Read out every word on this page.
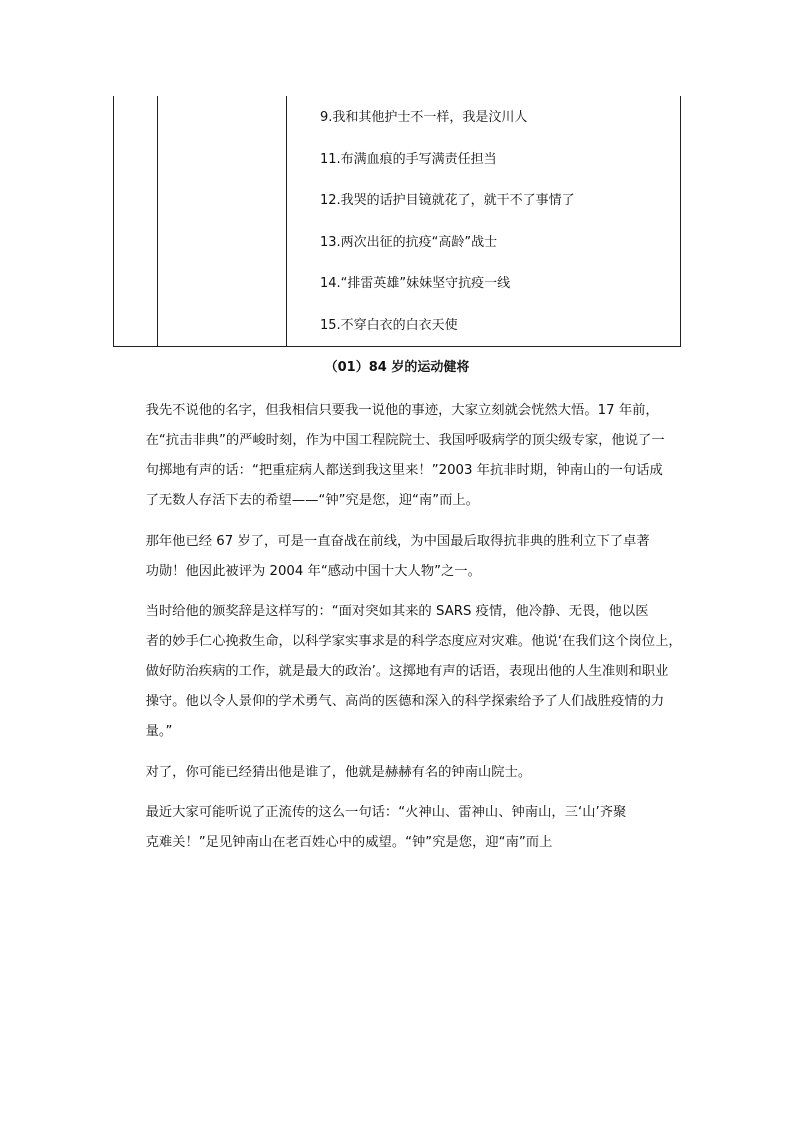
9.我和其他护士不一样，我是汶川人
11.布满血痕的手写满责任担当
12.我哭的话护目镜就花了，就干不了事情了
13.两次出征的抗疫“高龄”战士
14.“排雷英雄”妹妹坚守抗疫一线
15.不穿白衣的白衣天使
（01）84 岁的运动健将

我先不说他的名字，但我相信只要我一说他的事迹，大家立刻就会恍然大悟。17 年前，
在“抗击非典”的严峻时刻，作为中国工程院院士、我国呼吸病学的顶尖级专家，他说了一
句掷地有声的话：“把重症病人都送到我这里来！”2003 年抗非时期，钟南山的一句话成
了无数人存活下去的希望——“钟”究是您，迎“南”而上。

那年他已经 67 岁了，可是一直奋战在前线，为中国最后取得抗非典的胜利立下了卓著
功勋！他因此被评为 2004 年“感动中国十大人物”之一。

当时给他的颁奖辞是这样写的：“面对突如其来的 SARS 疫情，他冷静、无畏，他以医
者的妙手仁心挽救生命，以科学家实事求是的科学态度应对灾难。他说‘在我们这个岗位上，
做好防治疾病的工作，就是最大的政治’。这掷地有声的话语，表现出他的人生准则和职业
操守。他以令人景仰的学术勇气、高尚的医德和深入的科学探索给予了人们战胜疫情的力
量。”

对了，你可能已经猜出他是谁了，他就是赫赫有名的钟南山院士。

最近大家可能听说了正流传的这么一句话：“火神山、雷神山、钟南山，三‘山’齐聚
克难关！”足见钟南山在老百姓心中的威望。“钟”究是您，迎“南”而上
